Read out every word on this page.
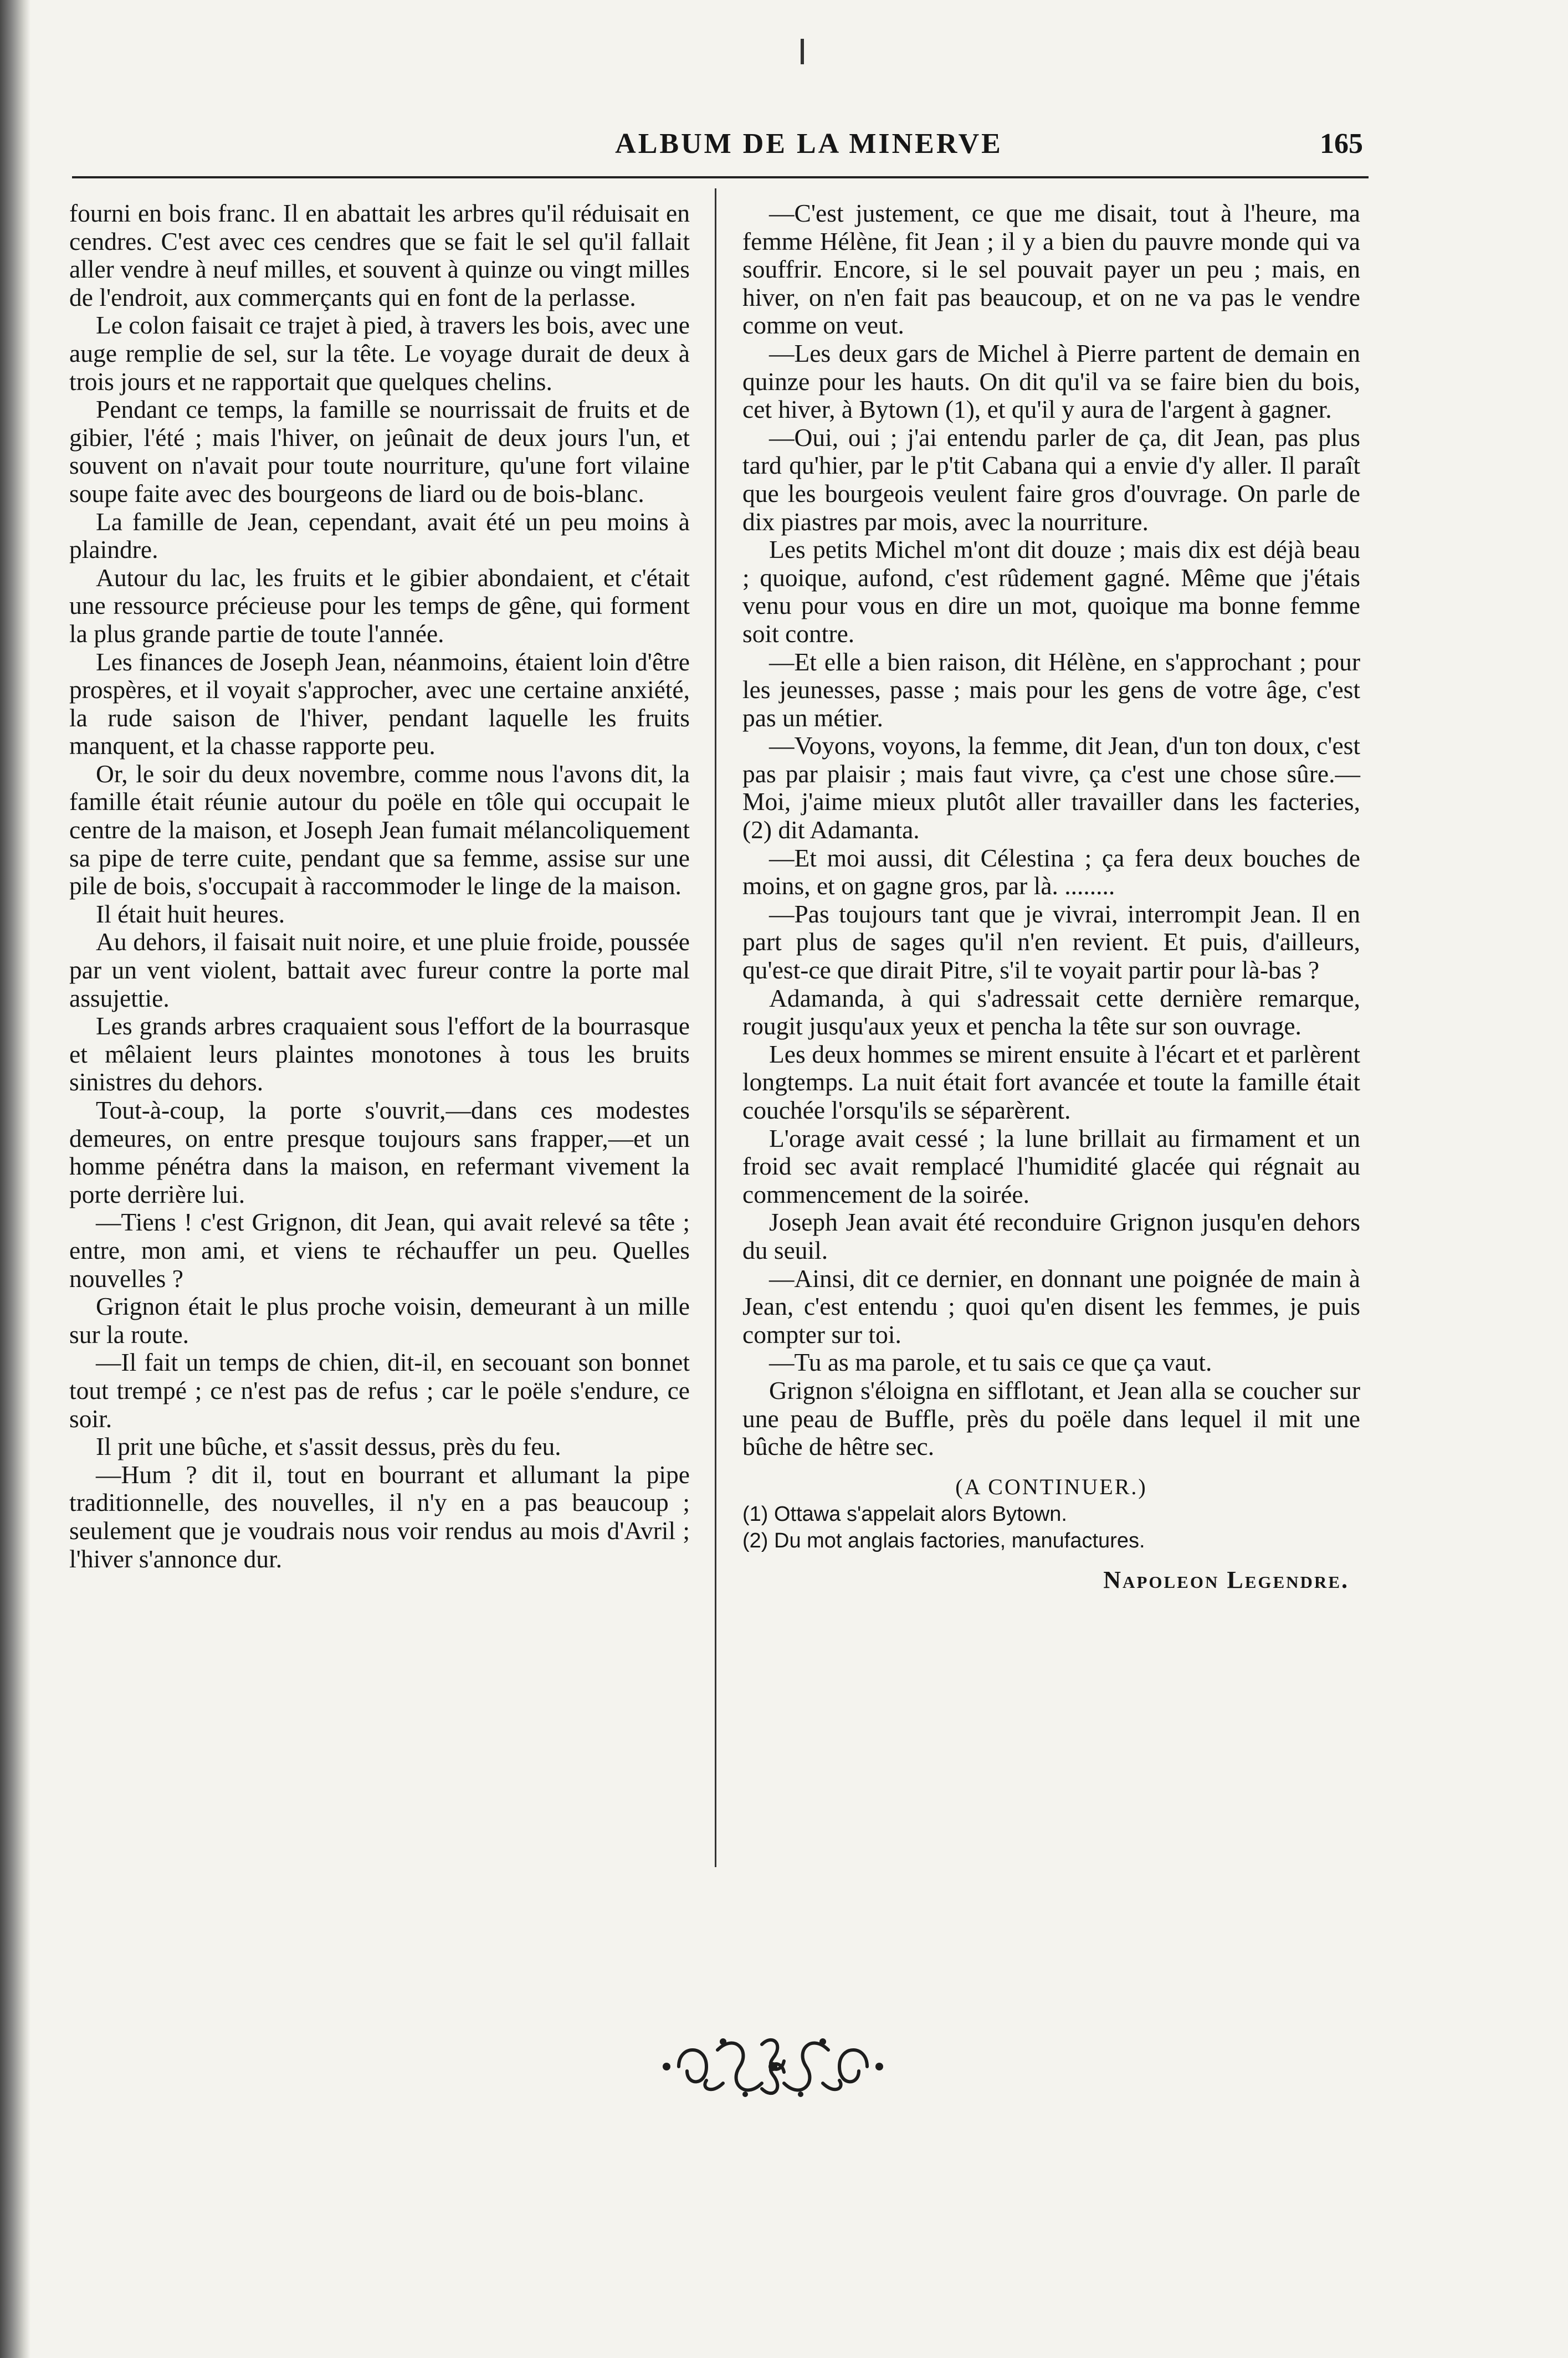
ALBUM DE LA MINERVE	165

fourni en bois franc. Il en abattait les arbres qu'il réduisait en cendres. C'est avec ces cendres que se fait le sel qu'il fallait aller vendre à neuf milles, et souvent à quinze ou vingt milles de l'endroit, aux commerçants qui en font de la perlasse.

Le colon faisait ce trajet à pied, à travers les bois, avec une auge remplie de sel, sur la tête. Le voyage durait de deux à trois jours et ne rapportait que quelques chelins.

Pendant ce temps, la famille se nourrissait de fruits et de gibier, l'été ; mais l'hiver, on jeûnait de deux jours l'un, et souvent on n'avait pour toute nourriture, qu'une fort vilaine soupe faite avec des bourgeons de liard ou de bois-blanc.

La famille de Jean, cependant, avait été un peu moins à plaindre.

Autour du lac, les fruits et le gibier abondaient, et c'était une ressource précieuse pour les temps de gêne, qui forment la plus grande partie de toute l'année.

Les finances de Joseph Jean, néanmoins, étaient loin d'être prospères, et il voyait s'approcher, avec une certaine anxiété, la rude saison de l'hiver, pendant laquelle les fruits manquent, et la chasse rapporte peu.

Or, le soir du deux novembre, comme nous l'avons dit, la famille était réunie autour du poële en tôle qui occupait le centre de la maison, et Joseph Jean fumait mélancoliquement sa pipe de terre cuite, pendant que sa femme, assise sur une pile de bois, s'occupait à raccommoder le linge de la maison.

Il était huit heures.

Au dehors, il faisait nuit noire, et une pluie froide, poussée par un vent violent, battait avec fureur contre la porte mal assujettie.

Les grands arbres craquaient sous l'effort de la bourrasque et mêlaient leurs plaintes monotones à tous les bruits sinistres du dehors.

Tout-à-coup, la porte s'ouvrit,—dans ces modestes demeures, on entre presque toujours sans frapper,—et un homme pénétra dans la maison, en refermant vivement la porte derrière lui.

—Tiens ! c'est Grignon, dit Jean, qui avait relevé sa tête ; entre, mon ami, et viens te réchauffer un peu. Quelles nouvelles ?

Grignon était le plus proche voisin, demeurant à un mille sur la route.

—Il fait un temps de chien, dit-il, en secouant son bonnet tout trempé ; ce n'est pas de refus ; car le poële s'endure, ce soir.

Il prit une bûche, et s'assit dessus, près du feu.

—Hum ? dit il, tout en bourrant et allumant la pipe traditionnelle, des nouvelles, il n'y en a pas beaucoup ; seulement que je voudrais nous voir rendus au mois d'Avril ; l'hiver s'annonce dur.

—C'est justement, ce que me disait, tout à l'heure, ma femme Hélène, fit Jean ; il y a bien du pauvre monde qui va souffrir. Encore, si le sel pouvait payer un peu ; mais, en hiver, on n'en fait pas beaucoup, et on ne va pas le vendre comme on veut.

—Les deux gars de Michel à Pierre partent de demain en quinze pour les hauts. On dit qu'il va se faire bien du bois, cet hiver, à Bytown (1), et qu'il y aura de l'argent à gagner.

—Oui, oui ; j'ai entendu parler de ça, dit Jean, pas plus tard qu'hier, par le p'tit Cabana qui a envie d'y aller. Il paraît que les bourgeois veulent faire gros d'ouvrage. On parle de dix piastres par mois, avec la nourriture.

Les petits Michel m'ont dit douze ; mais dix est déjà beau ; quoique, aufond, c'est rûdement gagné. Même que j'étais venu pour vous en dire un mot, quoique ma bonne femme soit contre.

—Et elle a bien raison, dit Hélène, en s'approchant ; pour les jeunesses, passe ; mais pour les gens de votre âge, c'est pas un métier.

—Voyons, voyons, la femme, dit Jean, d'un ton doux, c'est pas par plaisir ; mais faut vivre, ça c'est une chose sûre.—Moi, j'aime mieux plutôt aller travailler dans les facteries, (2) dit Adamanta.

—Et moi aussi, dit Célestina ; ça fera deux bouches de moins, et on gagne gros, par là. ........

—Pas toujours tant que je vivrai, interrompit Jean. Il en part plus de sages qu'il n'en revient. Et puis, d'ailleurs, qu'est-ce que dirait Pitre, s'il te voyait partir pour là-bas ?

Adamanda, à qui s'adressait cette dernière remarque, rougit jusqu'aux yeux et pencha la tête sur son ouvrage.

Les deux hommes se mirent ensuite à l'écart et et parlèrent longtemps. La nuit était fort avancée et toute la famille était couchée l'orsqu'ils se séparèrent.

L'orage avait cessé ; la lune brillait au firmament et un froid sec avait remplacé l'humidité glacée qui régnait au commencement de la soirée.

Joseph Jean avait été reconduire Grignon jusqu'en dehors du seuil.

—Ainsi, dit ce dernier, en donnant une poignée de main à Jean, c'est entendu ; quoi qu'en disent les femmes, je puis compter sur toi.

—Tu as ma parole, et tu sais ce que ça vaut.

Grignon s'éloigna en sifflotant, et Jean alla se coucher sur une peau de Buffle, près du poële dans lequel il mit une bûche de hêtre sec.

(A CONTINUER.)

(1) Ottawa s'appelait alors Bytown.

(2) Du mot anglais factories, manufactures.

Napoleon Legendre.
